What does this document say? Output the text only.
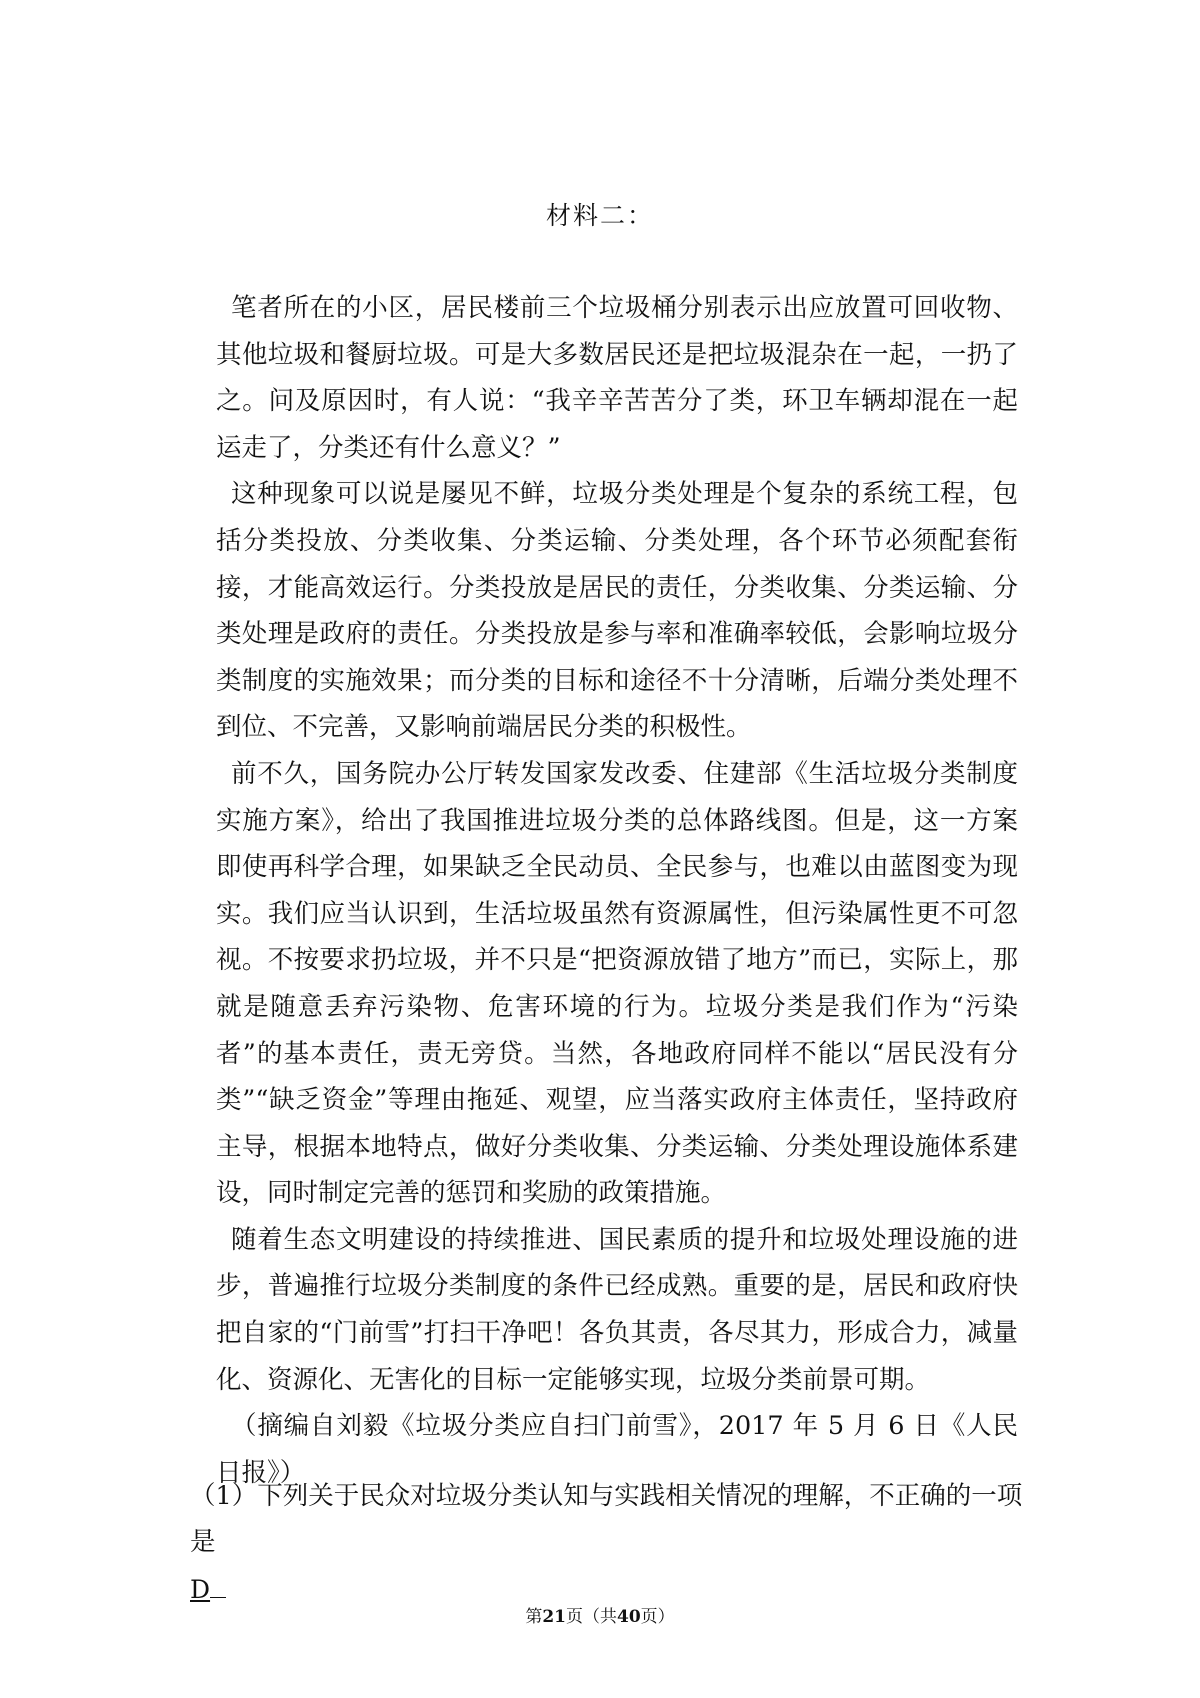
材料二：

笔者所在的小区，居民楼前三个垃圾桶分别表示出应放置可回收物、其他垃圾和餐厨垃圾。可是大多数居民还是把垃圾混杂在一起，一扔了之。问及原因时，有人说：“我辛辛苦苦分了类，环卫车辆却混在一起运走了，分类还有什么意义？”

这种现象可以说是屡见不鲜，垃圾分类处理是个复杂的系统工程，包括分类投放、分类收集、分类运输、分类处理，各个环节必须配套衔接，才能高效运行。分类投放是居民的责任，分类收集、分类运输、分类处理是政府的责任。分类投放是参与率和准确率较低，会影响垃圾分类制度的实施效果；而分类的目标和途径不十分清晰，后端分类处理不到位、不完善，又影响前端居民分类的积极性。

前不久，国务院办公厅转发国家发改委、住建部《生活垃圾分类制度实施方案》，给出了我国推进垃圾分类的总体路线图。但是，这一方案即使再科学合理，如果缺乏全民动员、全民参与，也难以由蓝图变为现实。我们应当认识到，生活垃圾虽然有资源属性，但污染属性更不可忽视。不按要求扔垃圾，并不只是“把资源放错了地方”而已，实际上，那就是随意丢弃污染物、危害环境的行为。垃圾分类是我们作为“污染者”的基本责任，责无旁贷。当然，各地政府同样不能以“居民没有分类”“缺乏资金”等理由拖延、观望，应当落实政府主体责任，坚持政府主导，根据本地特点，做好分类收集、分类运输、分类处理设施体系建设，同时制定完善的惩罚和奖励的政策措施。

随着生态文明建设的持续推进、国民素质的提升和垃圾处理设施的进步，普遍推行垃圾分类制度的条件已经成熟。重要的是，居民和政府快把自家的“门前雪”打扫干净吧！各负其责，各尽其力，形成合力，减量化、资源化、无害化的目标一定能够实现，垃圾分类前景可期。

（摘编自刘毅《垃圾分类应自扫门前雪》，2017 年 5 月 6 日《人民日报》）

（1）下列关于民众对垃圾分类认知与实践相关情况的理解，不正确的一项是
D
第21页（共40页）
